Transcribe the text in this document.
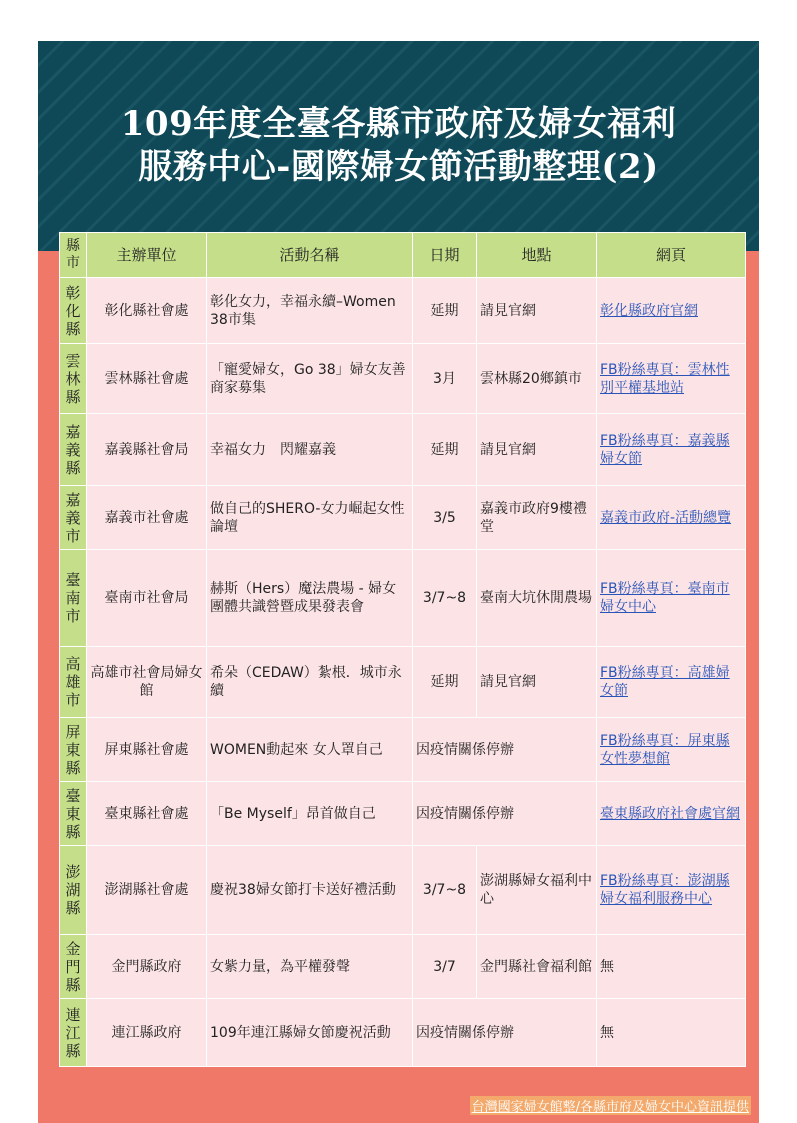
109年度全臺各縣市政府及婦女福利
服務中心-國際婦女節活動整理(2)
縣市	主辦單位	活動名稱	日期	地點	網頁
彰化縣	彰化縣社會處	彰化女力，幸福永續–Women 38市集	延期	請見官網	彰化縣政府官網
雲林縣	雲林縣社會處	「寵愛婦女，Go 38」婦女友善商家募集	3月	雲林縣20鄉鎮市	FB粉絲專頁：雲林性別平權基地站
嘉義縣	嘉義縣社會局	幸福女力　閃耀嘉義	延期	請見官網	FB粉絲專頁：嘉義縣婦女節
嘉義市	嘉義市社會處	做自己的SHERO-女力崛起女性論壇	3/5	嘉義市政府9樓禮堂	嘉義市政府-活動總覽
臺南市	臺南市社會局	赫斯（Hers）魔法農場 - 婦女團體共識營暨成果發表會	3/7~8	臺南大坑休閒農場	FB粉絲專頁：臺南市婦女中心
高雄市	高雄市社會局婦女館	希朵（CEDAW）紮根．城市永續	延期	請見官網	FB粉絲專頁：高雄婦女節
屏東縣	屏東縣社會處	WOMEN動起來 女人罩自己	因疫情關係停辦		FB粉絲專頁：屏東縣女性夢想館
臺東縣	臺東縣社會處	「Be Myself」昂首做自己	因疫情關係停辦		臺東縣政府社會處官網
澎湖縣	澎湖縣社會處	慶祝38婦女節打卡送好禮活動	3/7~8	澎湖縣婦女福利中心	FB粉絲專頁：澎湖縣婦女福利服務中心
金門縣	金門縣政府	女紫力量，為平權發聲	3/7	金門縣社會福利館	無
連江縣	連江縣政府	109年連江縣婦女節慶祝活動	因疫情關係停辦		無
台灣國家婦女館整/各縣市府及婦女中心資訊提供
